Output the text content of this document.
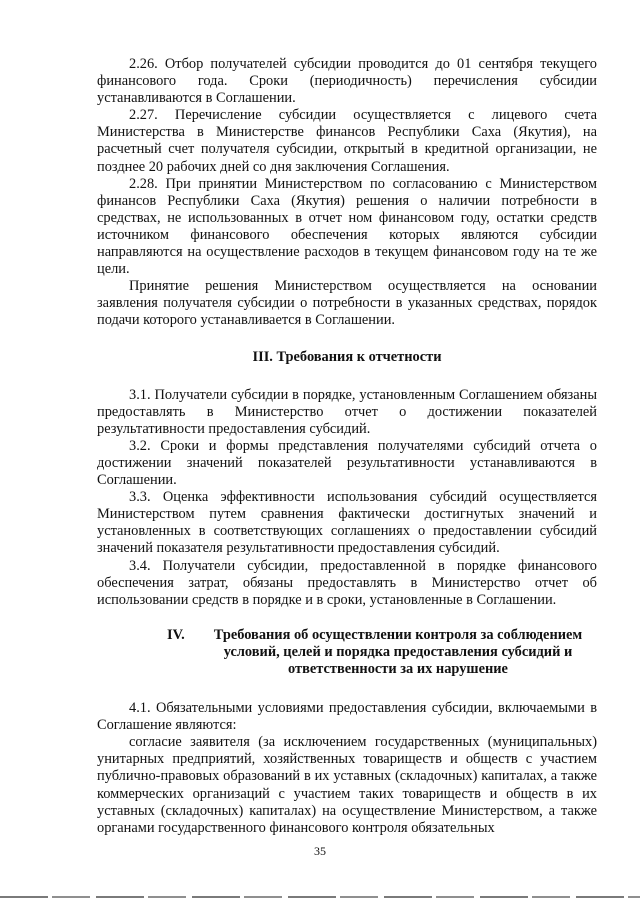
2.26. Отбор получателей субсидии проводится до 01 сентября текущего финансового года. Сроки (периодичность) перечисления субсидии устанавливаются в Соглашении.

2.27. Перечисление субсидии осуществляется с лицевого счета Министерства в Министерстве финансов Республики Саха (Якутия), на расчетный счет получателя субсидии, открытый в кредитной организации, не позднее 20 рабочих дней со дня заключения Соглашения.

2.28. При принятии Министерством по согласованию с Министерством финансов Республики Саха (Якутия) решения о наличии потребности в средствах, не использованных в отчет ном финансовом году, остатки средств источником финансового обеспечения которых являются субсидии направляются на осуществление расходов в текущем финансовом году на те же цели.

Принятие решения Министерством осуществляется на основании заявления получателя субсидии о потребности в указанных средствах, порядок подачи которого устанавливается в Соглашении.

III. Требования к отчетности

3.1. Получатели субсидии в порядке, установленным Соглашением обязаны предоставлять в Министерство отчет о достижении показателей результативности предоставления субсидий.

3.2. Сроки и формы представления получателями субсидий отчета о достижении значений показателей результативности устанавливаются в Соглашении.

3.3. Оценка эффективности использования субсидий осуществляется Министерством путем сравнения фактически достигнутых значений и установленных в соответствующих соглашениях о предоставлении субсидий значений показателя результативности предоставления субсидий.

3.4. Получатели субсидии, предоставленной в порядке финансового обеспечения затрат, обязаны предоставлять в Министерство отчет об использовании средств в порядке и в сроки, установленные в Соглашении.

IV.	Требования об осуществлении контроля за соблюдением условий, целей и порядка предоставления субсидий и ответственности за их нарушение

4.1. Обязательными условиями предоставления субсидии, включаемыми в Соглашение являются:

согласие заявителя (за исключением государственных (муниципальных) унитарных предприятий, хозяйственных товариществ и обществ с участием публично-правовых образований в их уставных (складочных) капиталах, а также коммерческих организаций с участием таких товариществ и обществ в их уставных (складочных) капиталах) на осуществление Министерством, а также органами государственного финансового контроля обязательных

35
